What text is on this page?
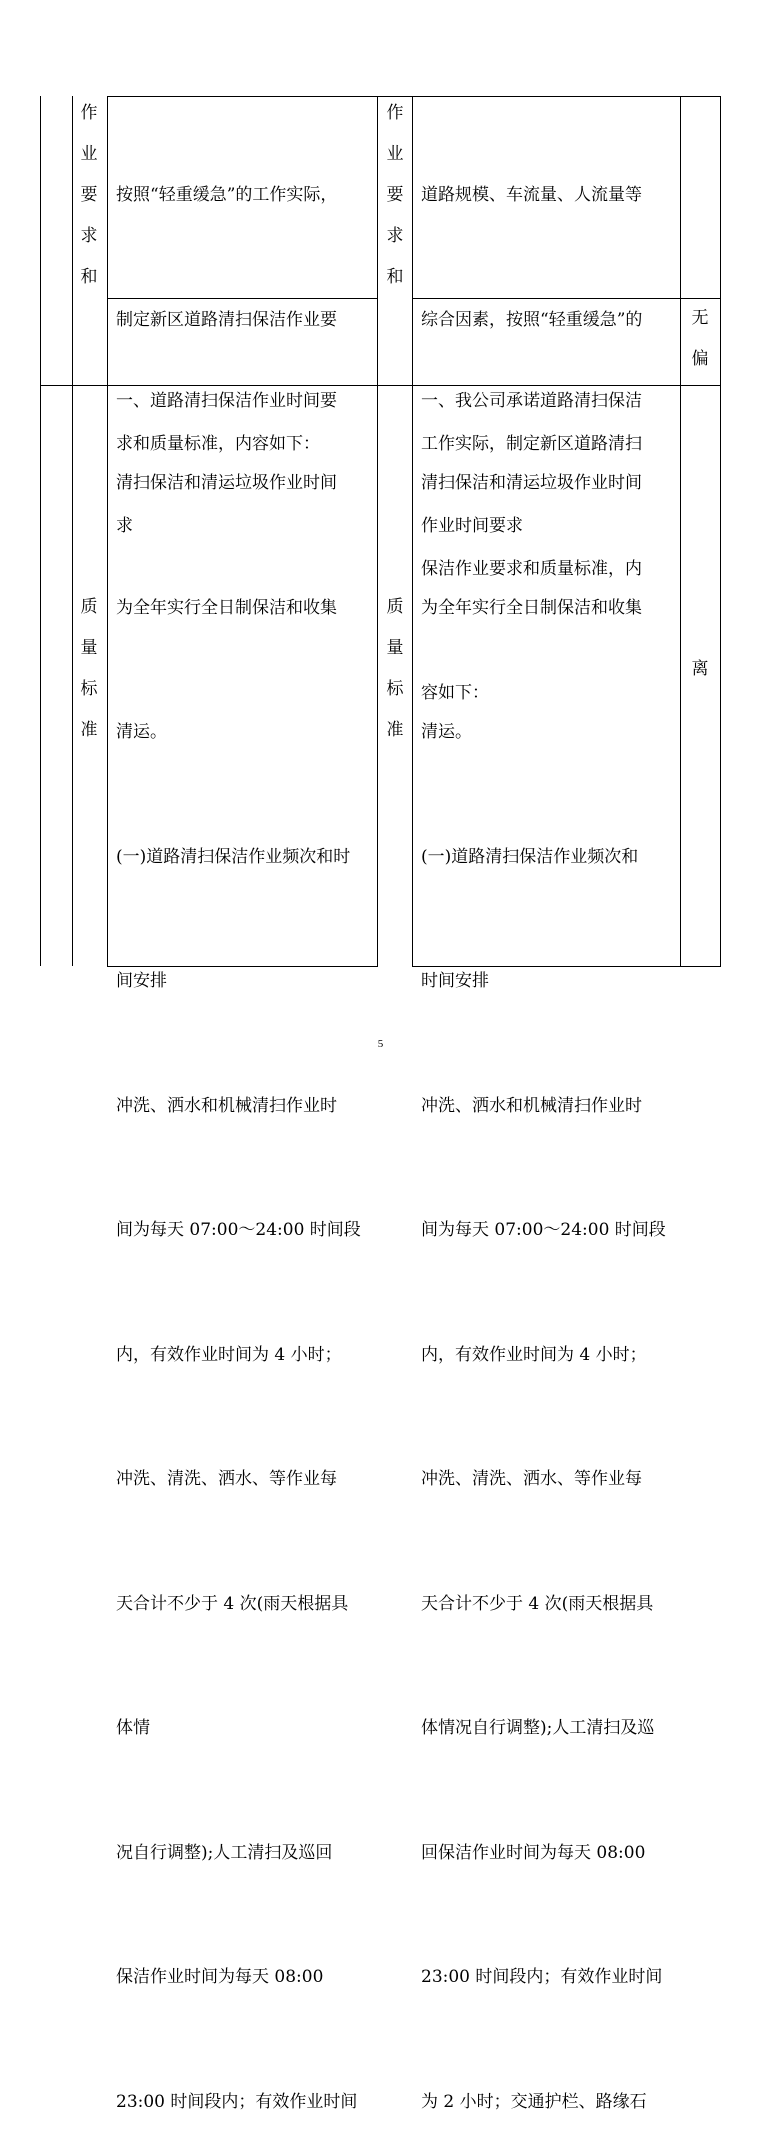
作
业
要
求
和

按照“轻重缓急”的工作实际，

制定新区道路清扫保洁作业要

求和质量标准，内容如下：

一、道路清扫保洁作业时间要

求

作
业
要
求
和

道路规模、车流量、人流量等

综合因素，按照“轻重缓急”的

工作实际，制定新区道路清扫

保洁作业要求和质量标准，内

容如下：

一、我公司承诺道路清扫保洁

作业时间要求

无
偏
质
量
标
准

清扫保洁和清运垃圾作业时间

为全年实行全日制保洁和收集

清运。

(一)道路清扫保洁作业频次和时

间安排

冲洗、洒水和机械清扫作业时

间为每天 07:00～24:00 时间段

内，有效作业时间为 4 小时；

冲洗、清洗、洒水、等作业每

天合计不少于 4 次(雨天根据具

体情

况自行调整);人工清扫及巡回

保洁作业时间为每天 08:00

23:00 时间段内；有效作业时间

质
量
标
准

清扫保洁和清运垃圾作业时间

为全年实行全日制保洁和收集

清运。

(一)道路清扫保洁作业频次和

时间安排

冲洗、洒水和机械清扫作业时

间为每天 07:00～24:00 时间段

内，有效作业时间为 4 小时；

冲洗、清洗、洒水、等作业每

天合计不少于 4 次(雨天根据具

体情况自行调整);人工清扫及巡

回保洁作业时间为每天 08:00

23:00 时间段内；有效作业时间

为 2 小时；交通护栏、路缘石

离
5
